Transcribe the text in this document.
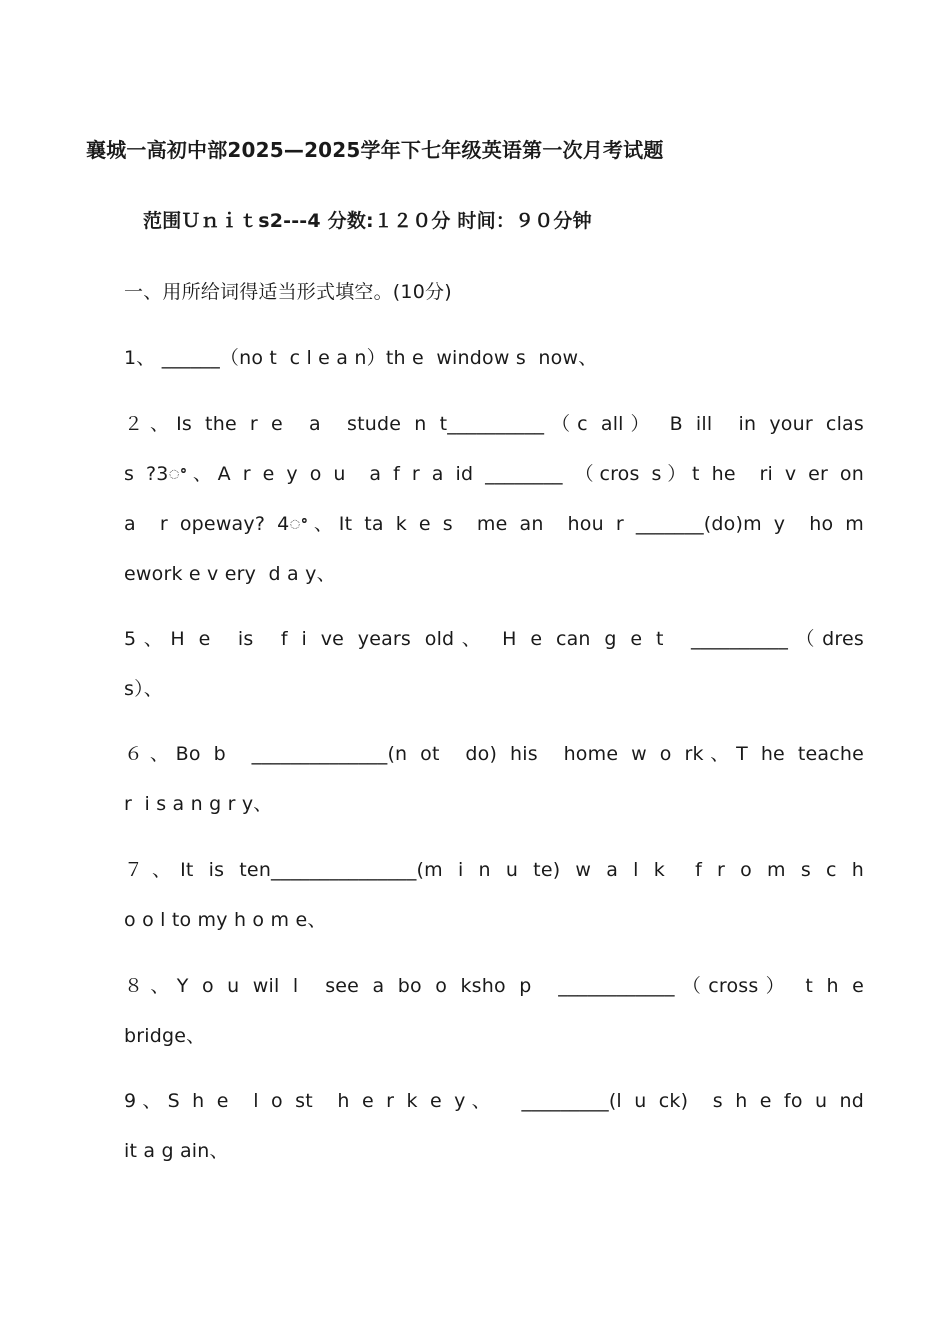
襄城一高初中部2025—2025学年下七年级英语第一次月考试题
范围Ｕｎｉｔs2---4 分数:１２０分 时间：９０分钟
一、用所给词得适当形式填空。(10分)
1、 ______（no t  c l e a n）th e  window s  now、
２、Is the r e  a  stude n t__________（c all） B ill  in your clas
s ?3ꢀ、A r e y o u  a f r a id ________ （cros s）t he  ri v er on
a  r opeway? 4ꢀ、It ta k e s  me an  hou r _______(do)m y  ho m
ework e v ery  d a y、
5、H e  is  f i ve years old、 H e can g e t  __________（dres
s）、
６、Bo b  ______________(n ot  do) his  home w o rk、T he teache
r  i s a n g r y、
７、It is ten_______________(m i n u te) w a l k  f r o m s c h
o o l to my h o m e、
８、Y o u wil l  see a bo o ksho p  ____________（cross） t h e
bridge、
9、S h e  l o st  h e r k e y、  _________(l u ck)  s h e fo u nd
it a g ain、
